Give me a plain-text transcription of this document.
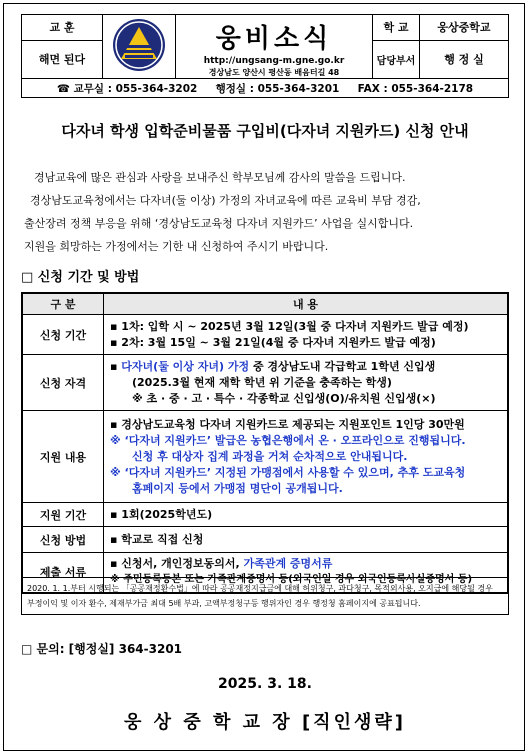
교 훈		웅비소식
http://ungsang-m.gne.go.kr
경상남도 양산시 평산동 배음터길 48	학 교	웅상중학교
해면 된다			담당부서	행 정 실
☎ 교무실 : 055-364-3202 행정실 : 055-364-3201 FAX : 055-364-2178				
다자녀 학생 입학준비물품 구입비(다자녀 지원카드) 신청 안내

경남교육에 많은 관심과 사랑을 보내주신 학부모님께 감사의 말씀을 드립니다.

경상남도교육청에서는 다자녀(둘 이상) 가정의 자녀교육에 따른 교육비 부담 경감,

출산장려 정책 부응을 위해 ‘경상남도교육청 다자녀 지원카드’ 사업을 실시합니다.

지원을 희망하는 가정에서는 기한 내 신청하여 주시기 바랍니다.

□ 신청 기간 및 방법
구 분	내 용
신청 기간	▪ 1차: 입학 시 ~ 2025년 3월 12일(3월 중 다자녀 지원카드 발급 예정)
▪ 2차: 3월 15일 ~ 3월 21일(4월 중 다자녀 지원카드 발급 예정)

신청 자격	▪ 다자녀(둘 이상 자녀) 가정 중 경상남도내 각급학교 1학년 신입생
(2025.3월 현재 재학 학년 위 기준을 충족하는 학생)
※ 초 · 중 · 고 · 특수 · 각종학교 신입생(O)/유치원 신입생(×)

지원 내용	▪ 경상남도교육청 다자녀 지원카드로 제공되는 지원포인트 1인당 30만원
※ ‘다자녀 지원카드’ 발급은 농협은행에서 온 · 오프라인으로 진행됩니다.
신청 후 대상자 집계 과정을 거쳐 순차적으로 안내됩니다.
※ ‘다자녀 지원카드’ 지정된 가맹점에서 사용할 수 있으며, 추후 도교육청
홈페이지 등에서 가맹점 명단이 공개됩니다.

지원 기간	▪ 1회(2025학년도)
신청 방법	▪ 학교로 직접 신청
제출 서류	▪ 신청서, 개인정보동의서, 가족관계 증명서류
※ 주민등록등본 또는 가족관계증명서 등(외국인일 경우 외국인등록사실증명서 등)
2020. 1. 1.부터 시행되는 「공공재정환수법」에 따라 공공재정지급금에 대해 허위청구, 과다청구, 목적외사용, 오지급에 해당될 경우 부정이익 및 이자 환수, 제재부가금 최대 5배 부과, 고액부정청구등 행위자인 경우 행정청 홈페이지에 공표됩니다.
□ 문의: [행정실] 364-3201
2025. 3. 18.
웅 상 중 학 교 장 [직인생략]
